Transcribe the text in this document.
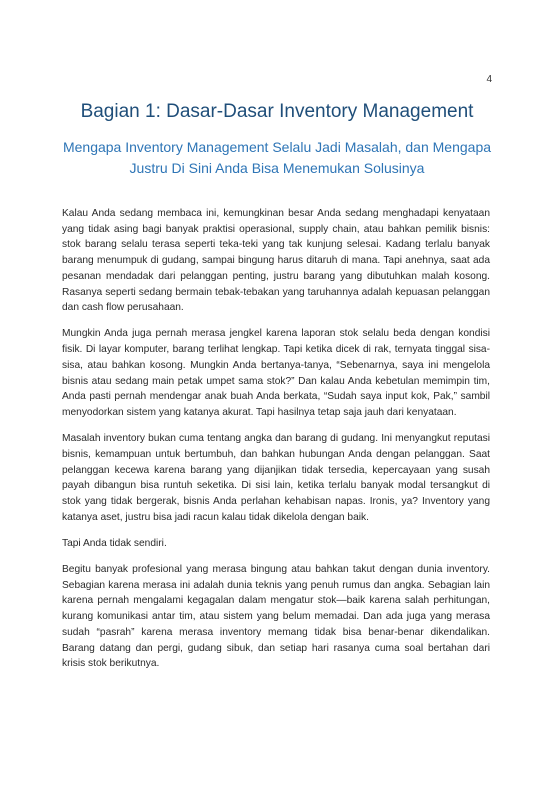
4
Bagian 1: Dasar-Dasar Inventory Management
Mengapa Inventory Management Selalu Jadi Masalah, dan Mengapa Justru Di Sini Anda Bisa Menemukan Solusinya

Kalau Anda sedang membaca ini, kemungkinan besar Anda sedang menghadapi kenyataan yang tidak asing bagi banyak praktisi operasional, supply chain, atau bahkan pemilik bisnis: stok barang selalu terasa seperti teka-teki yang tak kunjung selesai. Kadang terlalu banyak barang menumpuk di gudang, sampai bingung harus ditaruh di mana. Tapi anehnya, saat ada pesanan mendadak dari pelanggan penting, justru barang yang dibutuhkan malah kosong. Rasanya seperti sedang bermain tebak-tebakan yang taruhannya adalah kepuasan pelanggan dan cash flow perusahaan.

Mungkin Anda juga pernah merasa jengkel karena laporan stok selalu beda dengan kondisi fisik. Di layar komputer, barang terlihat lengkap. Tapi ketika dicek di rak, ternyata tinggal sisa-sisa, atau bahkan kosong. Mungkin Anda bertanya-tanya, “Sebenarnya, saya ini mengelola bisnis atau sedang main petak umpet sama stok?” Dan kalau Anda kebetulan memimpin tim, Anda pasti pernah mendengar anak buah Anda berkata, “Sudah saya input kok, Pak,” sambil menyodorkan sistem yang katanya akurat. Tapi hasilnya tetap saja jauh dari kenyataan.

Masalah inventory bukan cuma tentang angka dan barang di gudang. Ini menyangkut reputasi bisnis, kemampuan untuk bertumbuh, dan bahkan hubungan Anda dengan pelanggan. Saat pelanggan kecewa karena barang yang dijanjikan tidak tersedia, kepercayaan yang susah payah dibangun bisa runtuh seketika. Di sisi lain, ketika terlalu banyak modal tersangkut di stok yang tidak bergerak, bisnis Anda perlahan kehabisan napas. Ironis, ya? Inventory yang katanya aset, justru bisa jadi racun kalau tidak dikelola dengan baik.

Tapi Anda tidak sendiri.

Begitu banyak profesional yang merasa bingung atau bahkan takut dengan dunia inventory. Sebagian karena merasa ini adalah dunia teknis yang penuh rumus dan angka. Sebagian lain karena pernah mengalami kegagalan dalam mengatur stok—baik karena salah perhitungan, kurang komunikasi antar tim, atau sistem yang belum memadai. Dan ada juga yang merasa sudah “pasrah” karena merasa inventory memang tidak bisa benar-benar dikendalikan. Barang datang dan pergi, gudang sibuk, dan setiap hari rasanya cuma soal bertahan dari krisis stok berikutnya.
